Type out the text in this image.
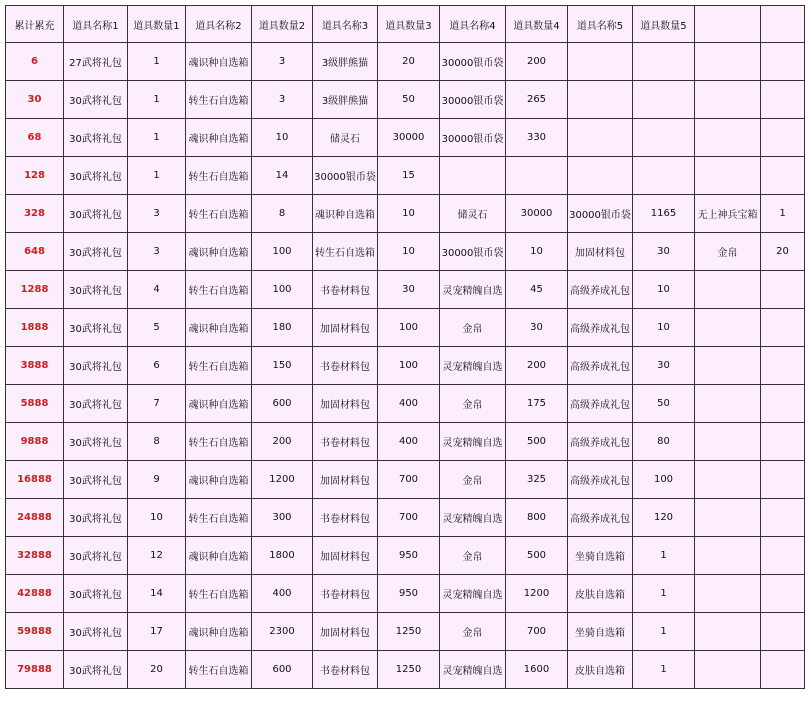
累计累充	道具名称1	道具数量1	道具名称2	道具数量2	道具名称3	道具数量3	道具名称4	道具数量4	道具名称5	道具数量5		
6	27武将礼包	1	魂识种自选箱	3	3级胖熊猫	20	30000银币袋	200				
30	30武将礼包	1	转生石自选箱	3	3级胖熊猫	50	30000银币袋	265				
68	30武将礼包	1	魂识种自选箱	10	储灵石	30000	30000银币袋	330				
128	30武将礼包	1	转生石自选箱	14	30000银币袋	15						
328	30武将礼包	3	转生石自选箱	8	魂识种自选箱	10	储灵石	30000	30000银币袋	1165	无上神兵宝箱	1
648	30武将礼包	3	魂识种自选箱	100	转生石自选箱	10	30000银币袋	10	加固材料包	30	金帛	20
1288	30武将礼包	4	转生石自选箱	100	书卷材料包	30	灵宠精魄自选	45	高级养成礼包	10		
1888	30武将礼包	5	魂识种自选箱	180	加固材料包	100	金帛	30	高级养成礼包	10		
3888	30武将礼包	6	转生石自选箱	150	书卷材料包	100	灵宠精魄自选	200	高级养成礼包	30		
5888	30武将礼包	7	魂识种自选箱	600	加固材料包	400	金帛	175	高级养成礼包	50		
9888	30武将礼包	8	转生石自选箱	200	书卷材料包	400	灵宠精魄自选	500	高级养成礼包	80		
16888	30武将礼包	9	魂识种自选箱	1200	加固材料包	700	金帛	325	高级养成礼包	100		
24888	30武将礼包	10	转生石自选箱	300	书卷材料包	700	灵宠精魄自选	800	高级养成礼包	120		
32888	30武将礼包	12	魂识种自选箱	1800	加固材料包	950	金帛	500	坐骑自选箱	1		
42888	30武将礼包	14	转生石自选箱	400	书卷材料包	950	灵宠精魄自选	1200	皮肤自选箱	1		
59888	30武将礼包	17	魂识种自选箱	2300	加固材料包	1250	金帛	700	坐骑自选箱	1		
79888	30武将礼包	20	转生石自选箱	600	书卷材料包	1250	灵宠精魄自选	1600	皮肤自选箱	1		
